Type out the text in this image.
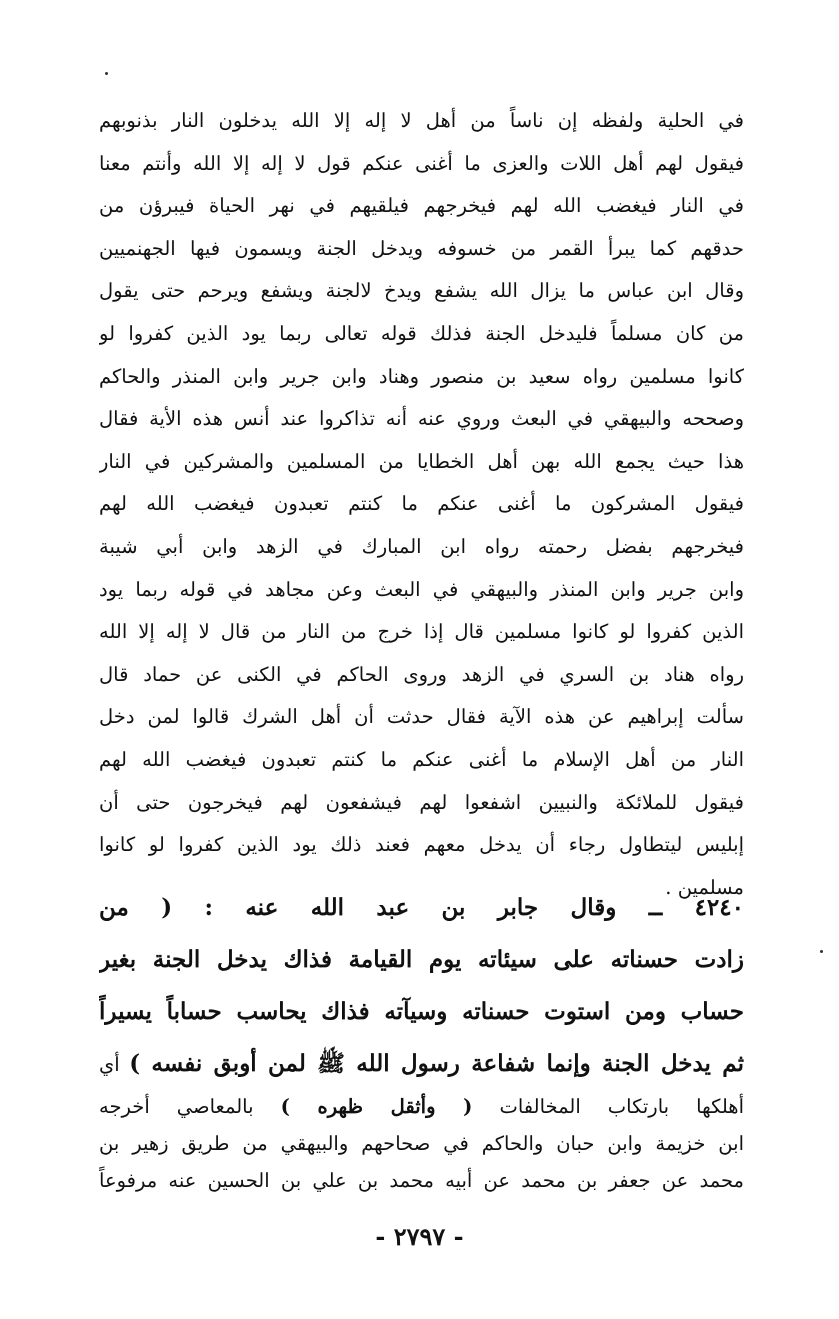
في الحلية ولفظه إن ناساً من أهل لا إله إلا الله يدخلون النار بذنوبهم
فيقول لهم أهل اللات والعزى ما أغنى عنكم قول لا إله إلا الله وأنتم معنا
في النار فيغضب الله لهم فيخرجهم فيلقيهم في نهر الحياة فيبرؤن من
حدقهم كما يبرأ القمر من خسوفه ويدخل الجنة ويسمون فيها الجهنميين
وقال ابن عباس ما يزال الله يشفع ويدخ لالجنة ويشفع ويرحم حتى يقول
من كان مسلماً فليدخل الجنة فذلك قوله تعالى ربما يود الذين كفروا لو
كانوا مسلمين رواه سعيد بن منصور وهناد وابن جرير وابن المنذر والحاكم
وصححه والبيهقي في البعث وروي عنه أنه تذاكروا عند أنس هذه الأية فقال
هذا حيث يجمع الله بهن أهل الخطايا من المسلمين والمشركين في النار
فيقول المشركون ما أغنى عنكم ما كنتم تعبدون فيغضب الله لهم
فيخرجهم بفضل رحمته رواه ابن المبارك في الزهد وابن أبي شيبة
وابن جرير وابن المنذر والبيهقي في البعث وعن مجاهد في قوله ربما يود
الذين كفروا لو كانوا مسلمين قال إذا خرج من النار من قال لا إله إلا الله
رواه هناد بن السري في الزهد وروى الحاكم في الكنى عن حماد قال
سألت إبراهيم عن هذه الآية فقال حدثت أن أهل الشرك قالوا لمن دخل
النار من أهل الإسلام ما أغنى عنكم ما كنتم تعبدون فيغضب الله لهم
فيقول للملائكة والنبيين اشفعوا لهم فيشفعون لهم فيخرجون حتى أن
إبليس ليتطاول رجاء أن يدخل معهم فعند ذلك يود الذين كفروا لو كانوا
مسلمين .
٤٢٤٠ ــ وقال جابر بن عبد الله عنه : ( من
زادت حسناته على سيئاته يوم القيامة فذاك يدخل الجنة بغير
حساب ومن استوت حسناته وسيآته فذاك يحاسب حساباً يسيراً
ثم يدخل الجنة وإنما شفاعة رسول الله ﷺ لمن أوبق نفسه ) أي
أهلكها بارتكاب المخالفات ( وأثقل ظهره ) بالمعاصي أخرجه
ابن خزيمة وابن حبان والحاكم في صحاحهم والبيهقي من طريق زهير بن
محمد عن جعفر بن محمد عن أبيه محمد بن علي بن الحسين عنه مرفوعاً
- ٢٧٩٧ -
